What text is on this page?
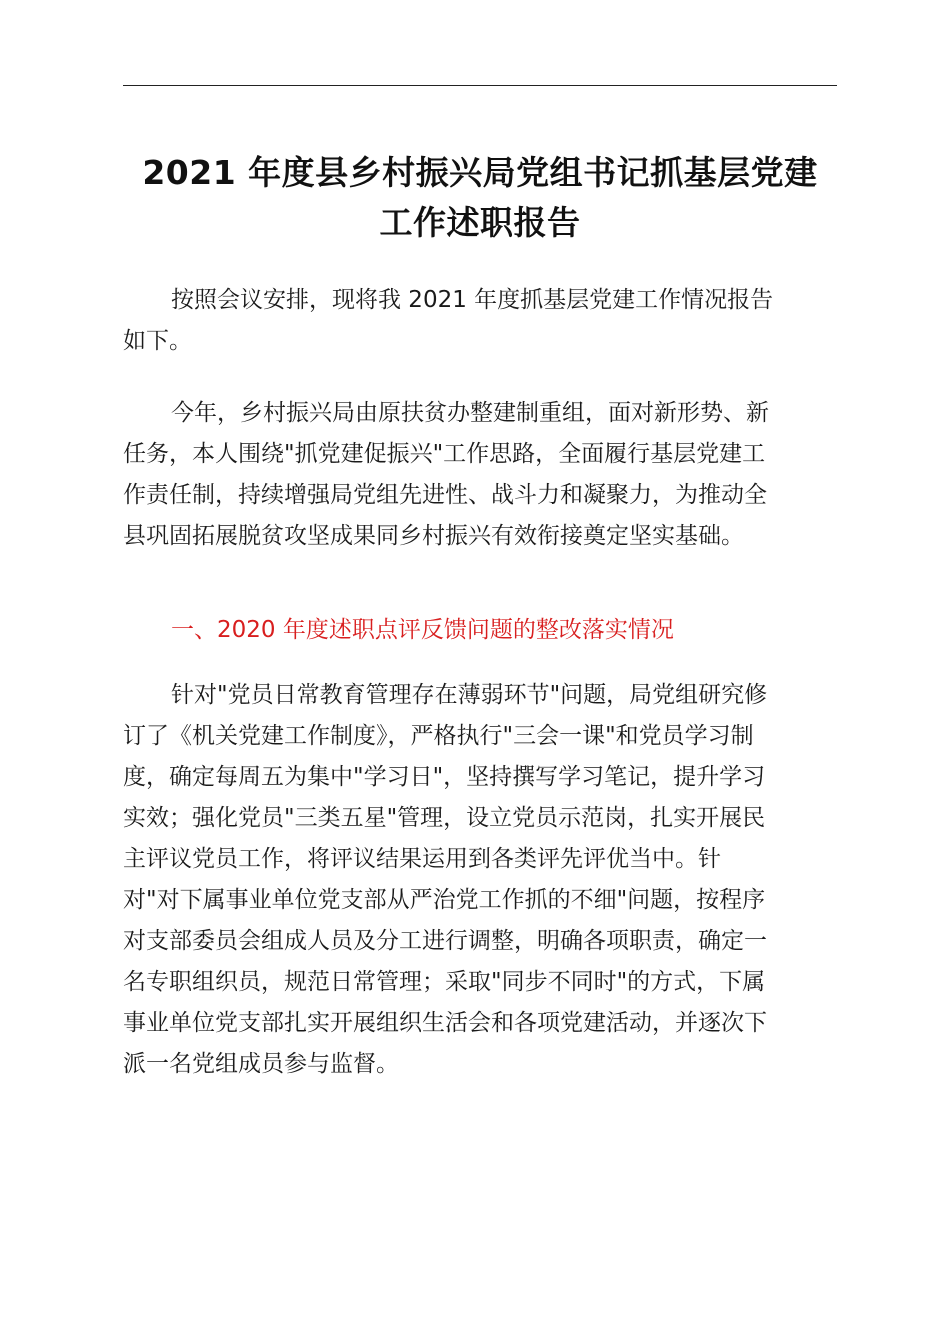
2021 年度县乡村振兴局党组书记抓基层党建
工作述职报告

按照会议安排，现将我 2021 年度抓基层党建工作情况报告
如下。

今年，乡村振兴局由原扶贫办整建制重组，面对新形势、新
任务，本人围绕"抓党建促振兴"工作思路，全面履行基层党建工
作责任制，持续增强局党组先进性、战斗力和凝聚力，为推动全
县巩固拓展脱贫攻坚成果同乡村振兴有效衔接奠定坚实基础。

一、2020 年度述职点评反馈问题的整改落实情况

针对"党员日常教育管理存在薄弱环节"问题，局党组研究修
订了《机关党建工作制度》，严格执行"三会一课"和党员学习制
度，确定每周五为集中"学习日"，坚持撰写学习笔记，提升学习
实效；强化党员"三类五星"管理，设立党员示范岗，扎实开展民
主评议党员工作，将评议结果运用到各类评先评优当中。针
对"对下属事业单位党支部从严治党工作抓的不细"问题，按程序
对支部委员会组成人员及分工进行调整，明确各项职责，确定一
名专职组织员，规范日常管理；采取"同步不同时"的方式，下属
事业单位党支部扎实开展组织生活会和各项党建活动，并逐次下
派一名党组成员参与监督。
